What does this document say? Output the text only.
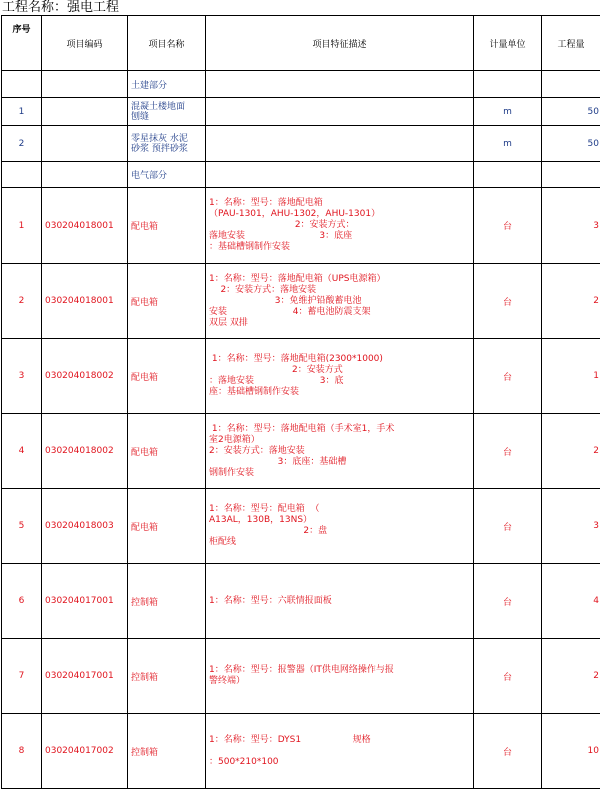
工程名称：强电工程
序号	项目编码	项目名称	项目特征描述	计量单位	工程量
		土建部分			
1		混凝土楼地面
刨缝		m	50
2		零星抹灰 水泥
砂浆 预拌砂浆		m	50
		电气部分			
1	030204018001	配电箱	1：名称：型号：落地配电箱
（PAU-1301，AHU-1302，AHU-1301）
2：安装方式：
落地安装                          3：底座
：基础槽钢制作安装	台	3
2	030204018001	配电箱	1：名称：型号：落地配电箱（UPS电源箱）
2：安装方式：落地安装
3：免维护铅酸蓄电池
安装                       4：蓄电池防震支架
双层 双排	台	2
3	030204018002	配电箱	1：名称：型号：落地配电箱(2300*1000)
2：安装方式
：落地安装                       3：底
座：基础槽钢制作安装	台	1
4	030204018002	配电箱	1：名称：型号：落地配电箱（手术室1，手术
室2电源箱）
2：安装方式：落地安装
3：底座：基础槽
钢制作安装	台	2
5	030204018003	配电箱	1：名称：型号：配电箱  （
A13AL，130B，13NS）
2：盘
柜配线	台	3
6	030204017001	控制箱	1：名称：型号：六联情报面板	台	4
7	030204017001	控制箱	1：名称：型号：报警器（IT供电网络操作与报
警终端）	台	2
8	030204017002	控制箱	1：名称：型号：DYS1                  规格
：500*210*100	台	10
